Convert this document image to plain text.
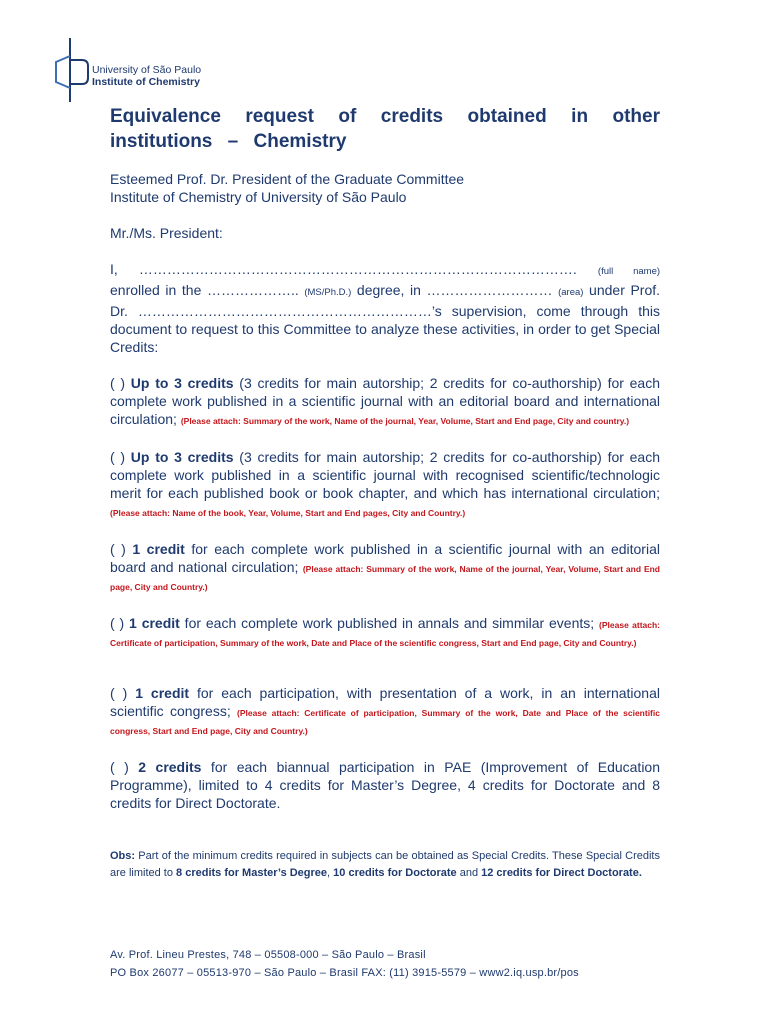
University of São Paulo
Institute of Chemistry
Equivalence request of credits obtained in other institutions – Chemistry

Esteemed Prof. Dr. President of the Graduate Committee

Institute of Chemistry of University of São Paulo

Mr./Ms. President:

I, …………………………………………………………………………………. (full name) enrolled in the ……………….. (MS/Ph.D.) degree, in ……………………… (area) under Prof. Dr. ………………………………………………………’s supervision, come through this document to request to this Committee to analyze these activities, in order to get Special Credits:

( ) Up to 3 credits (3 credits for main autorship; 2 credits for co-authorship) for each complete work published in a scientific journal with an editorial board and international circulation; (Please attach: Summary of the work, Name of the journal, Year, Volume, Start and End page, City and country.)
( ) Up to 3 credits (3 credits for main autorship; 2 credits for co-authorship) for each complete work published in a scientific journal with recognised scientific/technologic merit for each published book or book chapter, and which has international circulation; (Please attach: Name of the book, Year, Volume, Start and End pages, City and Country.)
( ) 1 credit for each complete work published in a scientific journal with an editorial board and national circulation; (Please attach: Summary of the work, Name of the journal, Year, Volume, Start and End page, City and Country.)
( ) 1 credit for each complete work published in annals and simmilar events; (Please attach: Certificate of participation, Summary of the work, Date and Place of the scientific congress, Start and End page, City and Country.)
( ) 1 credit for each participation, with presentation of a work, in an international scientific congress; (Please attach: Certificate of participation, Summary of the work, Date and Place of the scientific congress, Start and End page, City and Country.)
( ) 2 credits for each biannual participation in PAE (Improvement of Education Programme), limited to 4 credits for Master’s Degree, 4 credits for Doctorate and 8 credits for Direct Doctorate.

Obs: Part of the minimum credits required in subjects can be obtained as Special Credits. These Special Credits are limited to 8 credits for Master’s Degree, 10 credits for Doctorate and 12 credits for Direct Doctorate.

Av. Prof. Lineu Prestes, 748 – 05508-000 – São Paulo – Brasil
PO Box 26077 – 05513-970 – São Paulo – Brasil FAX: (11) 3915-5579 – www2.iq.usp.br/pos
